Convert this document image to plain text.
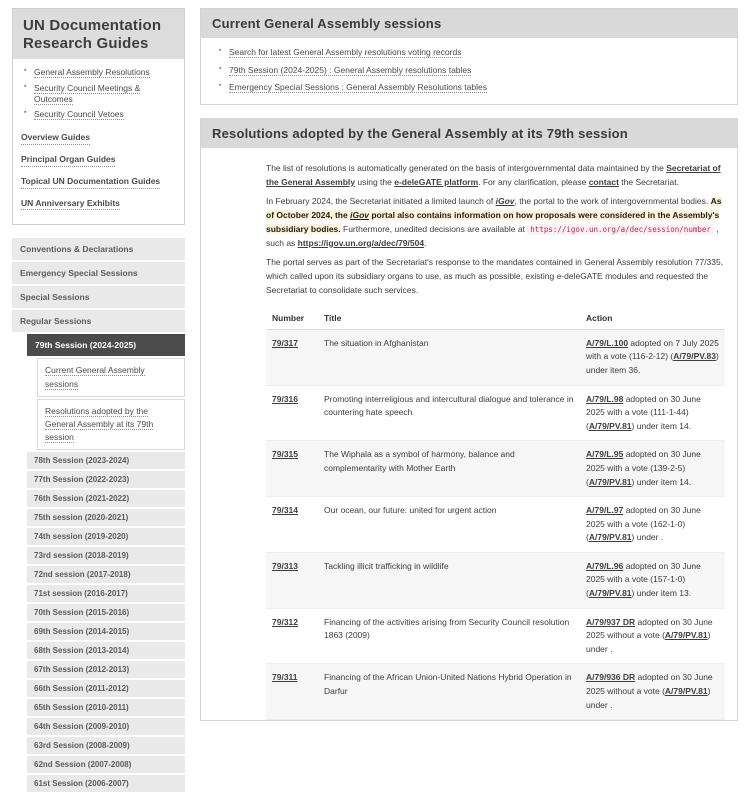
UN Documentation Research Guides
▪ General Assembly Resolutions
▪ Security Council Meetings & Outcomes
▪ Security Council Vetoes
Overview Guides
Principal Organ Guides
Topical UN Documentation Guides
UN Anniversary Exhibits

Conventions & Declarations
Emergency Special Sessions
Special Sessions
Regular Sessions
79th Session (2024-2025)
Current General Assembly sessions
Resolutions adopted by the General Assembly at its 79th session
78th Session (2023-2024)
77th Session (2022-2023)
76th Session (2021-2022)
75th session (2020-2021)
74th session (2019-2020)
73rd session (2018-2019)
72nd session (2017-2018)
71st session (2016-2017)
70th Session (2015-2016)
69th Session (2014-2015)
68th Session (2013-2014)
67th Session (2012-2013)
66th Session (2011-2012)
65th Session (2010-2011)
64th Session (2009-2010)
63rd Session (2008-2009)
62nd Session (2007-2008)
61st Session (2006-2007)
Current General Assembly sessions
▪ Search for latest General Assembly resolutions voting records
▪ 79th Session (2024-2025) : General Assembly resolutions tables
▪ Emergency Special Sessions : General Assembly Resolutions tables
Resolutions adopted by the General Assembly at its 79th session

The list of resolutions is automatically generated on the basis of intergovernmental data maintained by the Secretariat of the General Assembly using the e-deleGATE platform. For any clarification, please contact the Secretariat.

In February 2024, the Secretariat initiated a limited launch of iGov, the portal to the work of intergovernmental bodies. As of October 2024, the iGov portal also contains information on how proposals were considered in the Assembly's subsidiary bodies. Furthermore, unedited decisions are available at https://igov.un.org/a/dec/session/number , such as https://igov.un.org/a/dec/79/504.

The portal serves as part of the Secretariat's response to the mandates contained in General Assembly resolution 77/335, which called upon its subsidiary organs to use, as much as possible, existing e-deleGATE modules and requested the Secretariat to consolidate such services.

Number	Title	Action
79/317	The situation in Afghanistan	A/79/L.100 adopted on 7 July 2025 with a vote (116-2-12) (A/79/PV.83) under item 36.
79/316	Promoting interreligious and intercultural dialogue and tolerance in countering hate speech	A/79/L.98 adopted on 30 June 2025 with a vote (111-1-44) (A/79/PV.81) under item 14.
79/315	The Wiphala as a symbol of harmony, balance and complementarity with Mother Earth	A/79/L.95 adopted on 30 June 2025 with a vote (139-2-5) (A/79/PV.81) under item 14.
79/314	Our ocean, our future: united for urgent action	A/79/L.97 adopted on 30 June 2025 with a vote (162-1-0) (A/79/PV.81) under .
79/313	Tackling illicit trafficking in wildlife	A/79/L.96 adopted on 30 June 2025 with a vote (157-1-0) (A/79/PV.81) under item 13.
79/312	Financing of the activities arising from Security Council resolution 1863 (2009)	A/79/937 DR adopted on 30 June 2025 without a vote (A/79/PV.81) under .
79/311	Financing of the African Union-United Nations Hybrid Operation in Darfur	A/79/936 DR adopted on 30 June 2025 without a vote (A/79/PV.81) under .
